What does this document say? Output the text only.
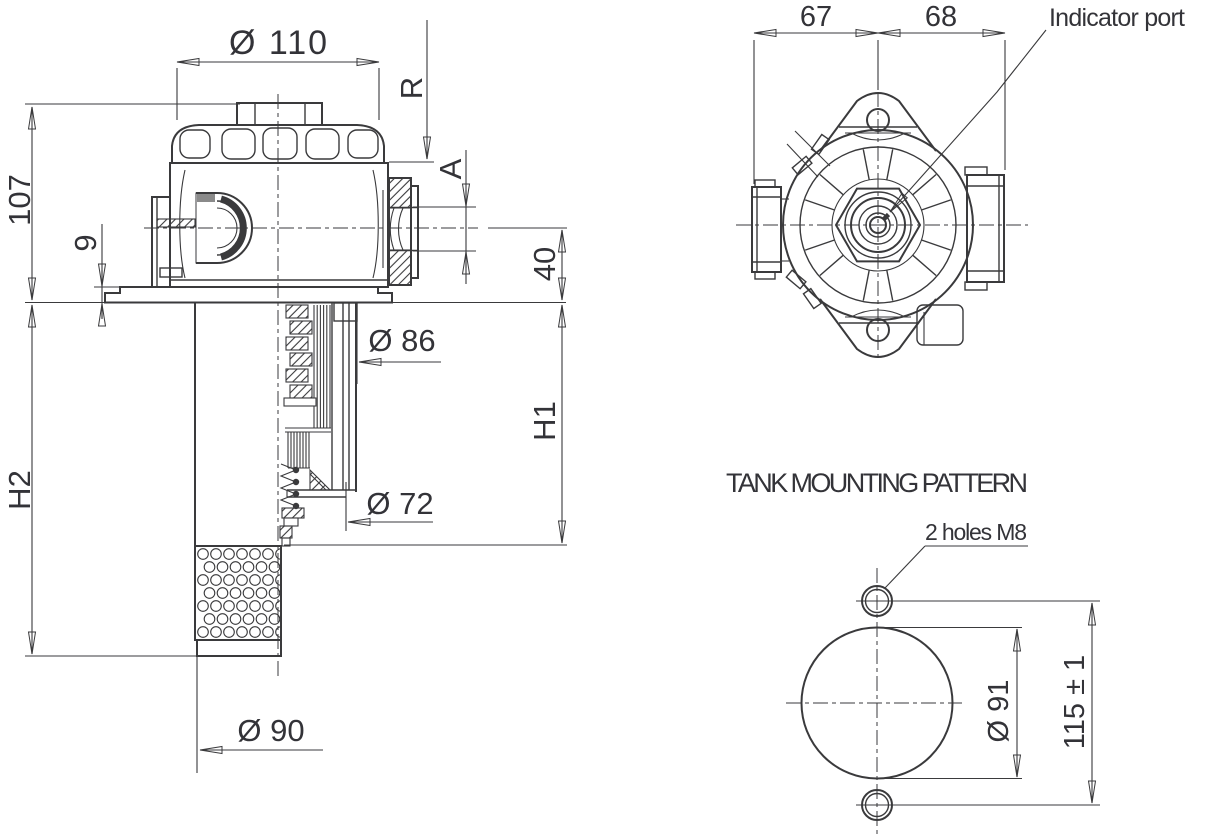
Ø 110
R
107
9
H2
A
40
Ø 86
H1
Ø 72
Ø 90
67	68	Indicator port
TANK MOUNTING PATTERN
2 holes M8
Ø 91 115 ± 1
